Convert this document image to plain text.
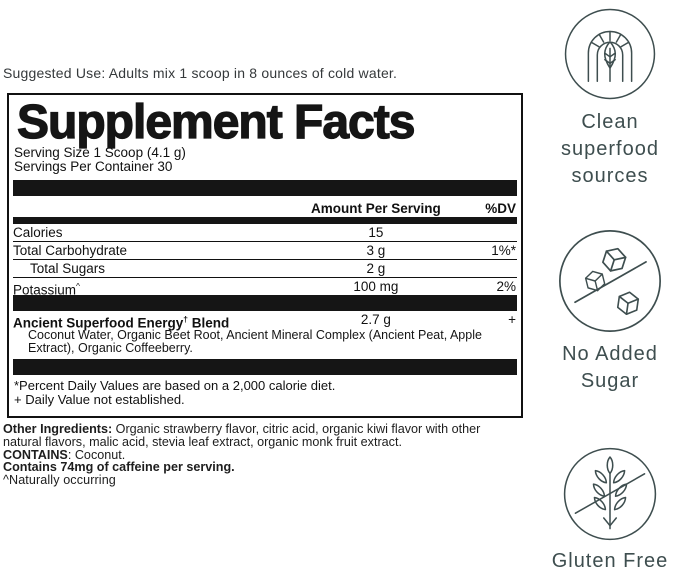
Suggested Use: Adults mix 1 scoop in 8 ounces of cold water.
Supplement Facts
Serving Size 1 Scoop (4.1 g)
Servings Per Container 30
Amount Per Serving	%DV
Calories	15
Total Carbohydrate	3 g	1%*
Total Sugars	2 g
Potassium^	100 mg	2%
Ancient Superfood Energy† Blend	2.7 g	+
Coconut Water, Organic Beet Root, Ancient Mineral Complex (Ancient Peat, Apple Extract), Organic Coffeeberry.
*Percent Daily Values are based on a 2,000 calorie diet.
+ Daily Value not established.
Other Ingredients: Organic strawberry flavor, citric acid, organic kiwi flavor with other natural flavors, malic acid, stevia leaf extract, organic monk fruit extract.
CONTAINS: Coconut.
Contains 74mg of caffeine per serving.
^Naturally occurring
Clean superfood sources
No Added Sugar
Gluten Free
